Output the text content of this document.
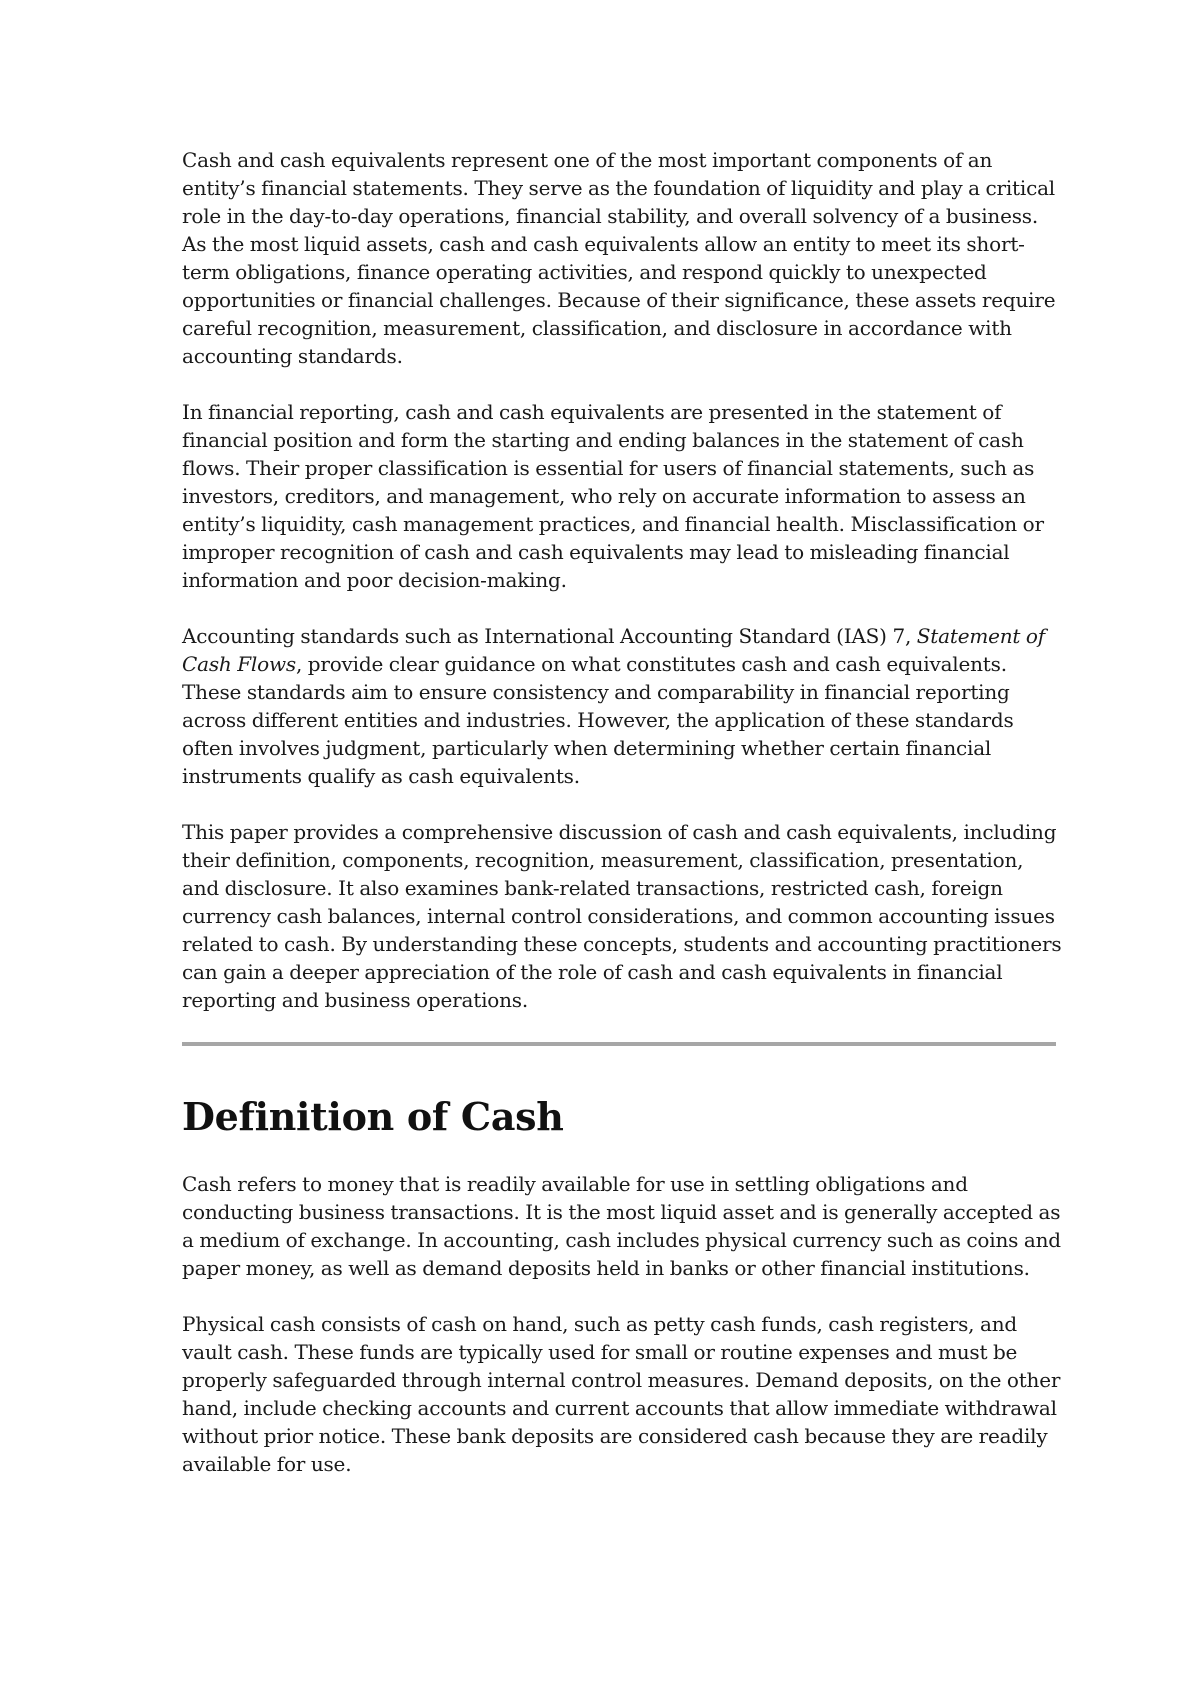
Cash and cash equivalents represent one of the most important components of an entity’s financial statements. They serve as the foundation of liquidity and play a critical role in the day-to-day operations, financial stability, and overall solvency of a business. As the most liquid assets, cash and cash equivalents allow an entity to meet its short-term obligations, finance operating activities, and respond quickly to unexpected opportunities or financial challenges. Because of their significance, these assets require careful recognition, measurement, classification, and disclosure in accordance with accounting standards.

In financial reporting, cash and cash equivalents are presented in the statement of financial position and form the starting and ending balances in the statement of cash flows. Their proper classification is essential for users of financial statements, such as investors, creditors, and management, who rely on accurate information to assess an entity’s liquidity, cash management practices, and financial health. Misclassification or improper recognition of cash and cash equivalents may lead to misleading financial information and poor decision-making.

Accounting standards such as International Accounting Standard (IAS) 7, Statement of Cash Flows, provide clear guidance on what constitutes cash and cash equivalents. These standards aim to ensure consistency and comparability in financial reporting across different entities and industries. However, the application of these standards often involves judgment, particularly when determining whether certain financial instruments qualify as cash equivalents.

This paper provides a comprehensive discussion of cash and cash equivalents, including their definition, components, recognition, measurement, classification, presentation, and disclosure. It also examines bank-related transactions, restricted cash, foreign currency cash balances, internal control considerations, and common accounting issues related to cash. By understanding these concepts, students and accounting practitioners can gain a deeper appreciation of the role of cash and cash equivalents in financial reporting and business operations.

Definition of Cash

Cash refers to money that is readily available for use in settling obligations and conducting business transactions. It is the most liquid asset and is generally accepted as a medium of exchange. In accounting, cash includes physical currency such as coins and paper money, as well as demand deposits held in banks or other financial institutions.

Physical cash consists of cash on hand, such as petty cash funds, cash registers, and vault cash. These funds are typically used for small or routine expenses and must be properly safeguarded through internal control measures. Demand deposits, on the other hand, include checking accounts and current accounts that allow immediate withdrawal without prior notice. These bank deposits are considered cash because they are readily available for use.
